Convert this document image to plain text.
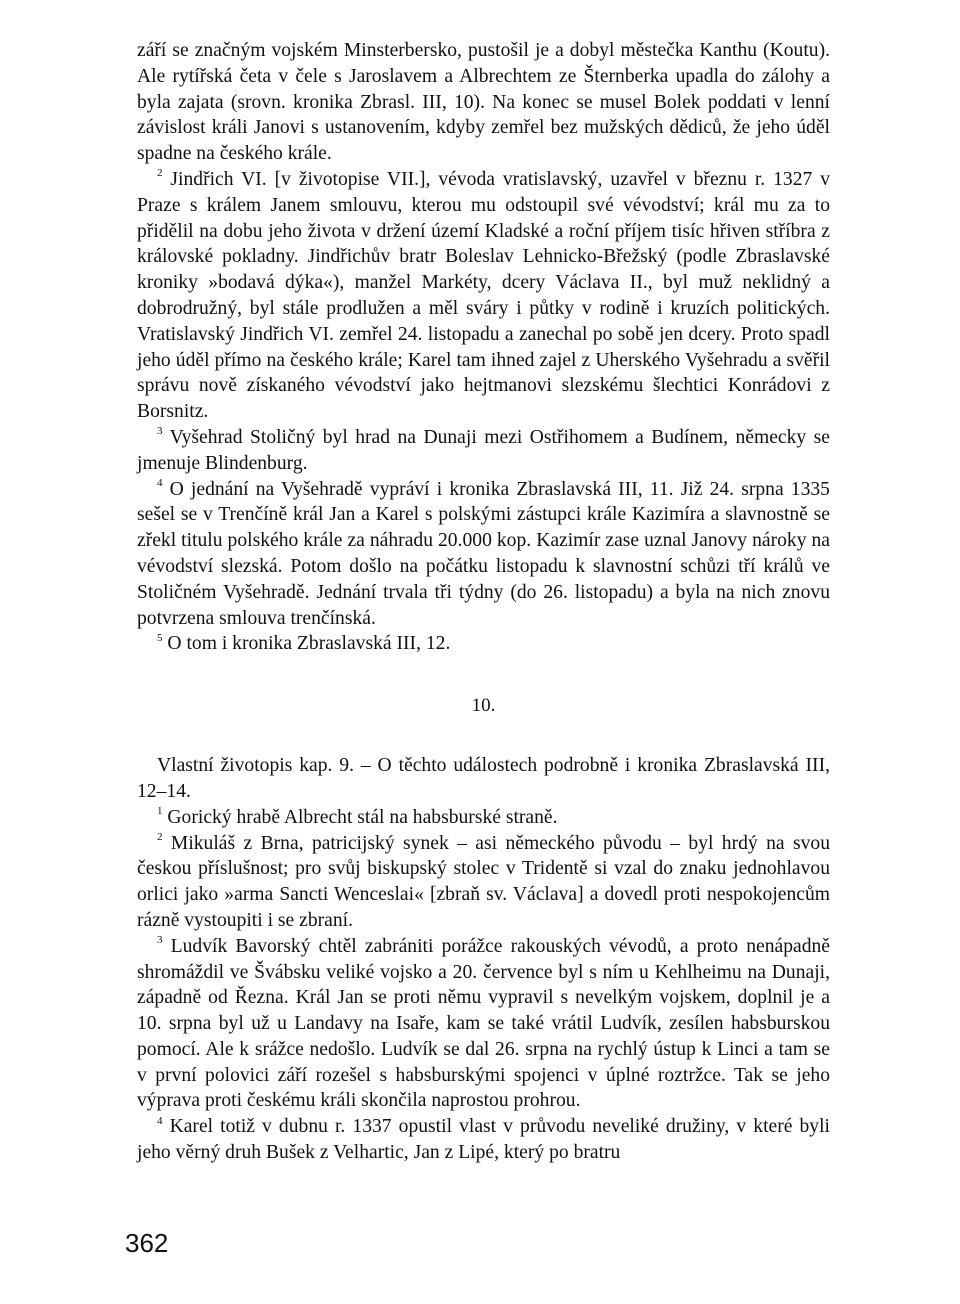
září se značným vojském Minsterbersko, pustošil je a dobyl městečka Kanthu (Koutu). Ale rytířská četa v čele s Jaroslavem a Albrechtem ze Šternberka upadla do zálohy a byla zajata (srovn. kronika Zbrasl. III, 10). Na konec se musel Bolek poddati v lenní závislost králi Janovi s ustanovením, kdyby zemřel bez mužských dědiců, že jeho úděl spadne na českého krále.

$^2$ Jindřich VI. [v životopise VII.], vévoda vratislavský, uzavřel v březnu r. 1327 v Praze s králem Janem smlouvu, kterou mu odstoupil své vévodství; král mu za to přidělil na dobu jeho života v držení území Kladské a roční příjem tisíc hřiven stříbra z královské pokladny. Jindřichův bratr Boleslav Lehnicko-Břežský (podle Zbraslavské kroniky »bodavá dýka«), manžel Markéty, dcery Václava II., byl muž neklidný a dobrodružný, byl stále prodlužen a měl sváry i půtky v rodině i kruzích politických. Vratislavský Jindřich VI. zemřel 24. listopadu a zanechal po sobě jen dcery. Proto spadl jeho úděl přímo na českého krále; Karel tam ihned zajel z Uherského Vyšehradu a svěřil správu nově získaného vévodství jako hejtmanovi slezskému šlechtici Konrádovi z Borsnitz.

$^3$ Vyšehrad Stoličný byl hrad na Dunaji mezi Ostřihomem a Budínem, německy se jmenuje Blindenburg.

$^4$ O jednání na Vyšehradě vypráví i kronika Zbraslavská III, 11. Již 24. srpna 1335 sešel se v Trenčíně král Jan a Karel s polskými zástupci krále Kazimíra a slavnostně se zřekl titulu polského krále za náhradu 20.000 kop. Kazimír zase uznal Janovy nároky na vévodství slezská. Potom došlo na počátku listopadu k slavnostní schůzi tří králů ve Stoličném Vyšehradě. Jednání trvala tři týdny (do 26. listopadu) a byla na nich znovu potvrzena smlouva trenčínská.

$^5$ O tom i kronika Zbraslavská III, 12.

10.

Vlastní životopis kap. 9. – O těchto událostech podrobně i kronika Zbraslavská III, 12–14.

$^1$ Gorický hrabě Albrecht stál na habsburské straně.

$^2$ Mikuláš z Brna, patricijský synek – asi německého původu – byl hrdý na svou českou příslušnost; pro svůj biskupský stolec v Tridentě si vzal do znaku jednohlavou orlici jako »arma Sancti Wenceslai« [zbraň sv. Václava] a dovedl proti nespokojencům rázně vystoupiti i se zbraní.

$^3$ Ludvík Bavorský chtěl zabrániti porážce rakouských vévodů, a proto nenápadně shromáždil ve Švábsku veliké vojsko a 20. července byl s ním u Kehlheimu na Dunaji, západně od Řezna. Král Jan se proti němu vypravil s nevelkým vojskem, doplnil je a 10. srpna byl už u Landavy na Isaře, kam se také vrátil Ludvík, zesílen habsburskou pomocí. Ale k srážce nedošlo. Ludvík se dal 26. srpna na rychlý ústup k Linci a tam se v první polovici září rozešel s habsburskými spojenci v úplné roztržce. Tak se jeho výprava proti českému králi skončila naprostou prohrou.

$^4$ Karel totiž v dubnu r. 1337 opustil vlast v průvodu neveliké družiny, v které byli jeho věrný druh Bušek z Velhartic, Jan z Lipé, který po bratru

362
